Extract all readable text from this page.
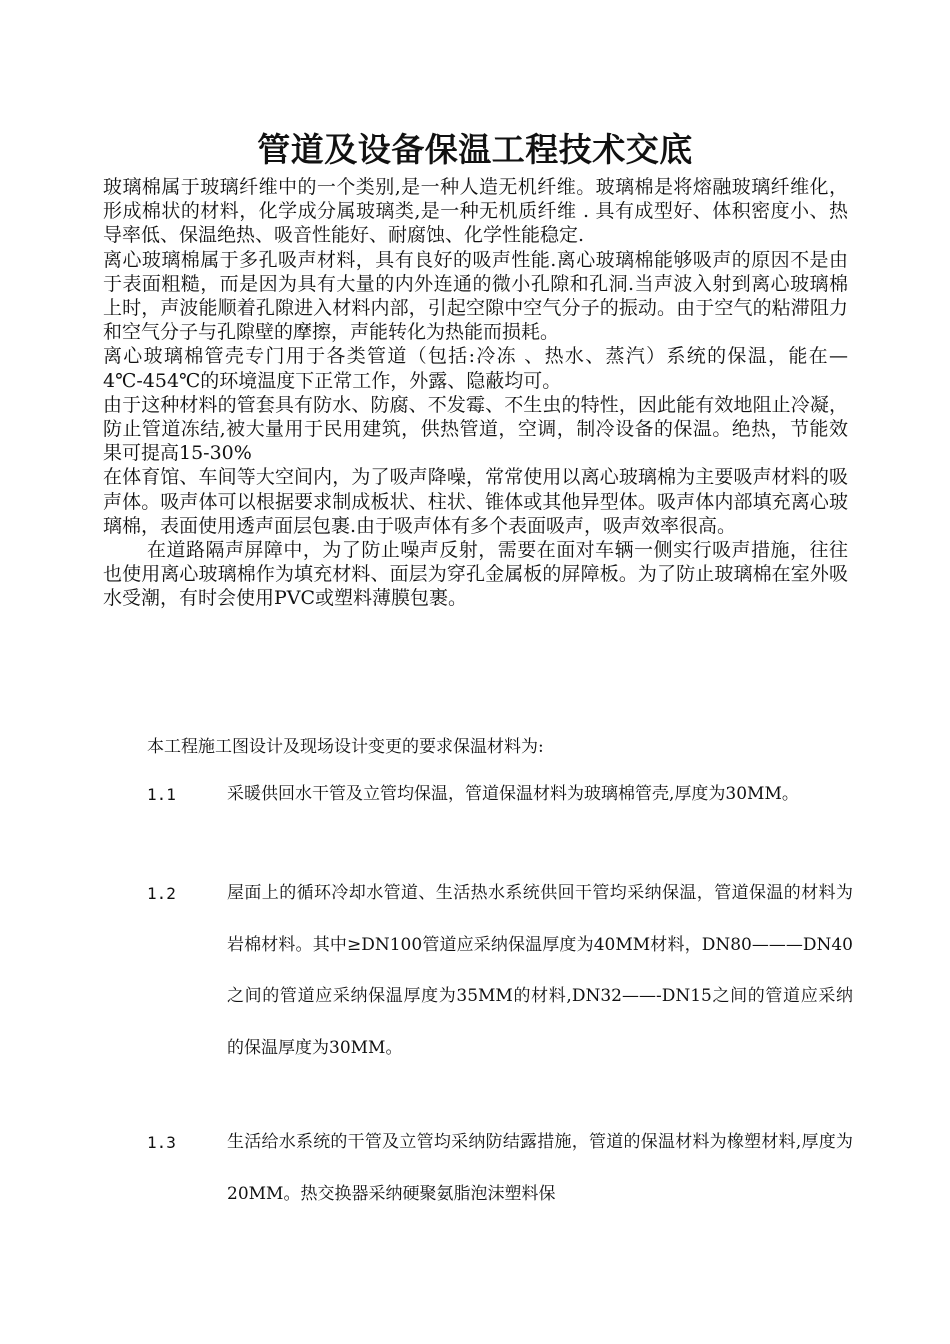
管道及设备保温工程技术交底

玻璃棉属于玻璃纤维中的一个类别,是一种人造无机纤维。玻璃棉是将熔融玻璃纤维化，形成棉状的材料，化学成分属玻璃类,是一种无机质纤维 . 具有成型好、体积密度小、热导率低、保温绝热、吸音性能好、耐腐蚀、化学性能稳定.

离心玻璃棉属于多孔吸声材料，具有良好的吸声性能.离心玻璃棉能够吸声的原因不是由于表面粗糙，而是因为具有大量的内外连通的微小孔隙和孔洞.当声波入射到离心玻璃棉上时，声波能顺着孔隙进入材料内部，引起空隙中空气分子的振动。由于空气的粘滞阻力和空气分子与孔隙壁的摩擦，声能转化为热能而损耗。

离心玻璃棉管壳专门用于各类管道（包括:冷冻 、热水、蒸汽）系统的保温，能在—4℃-454℃的环境温度下正常工作，外露、隐蔽均可。

由于这种材料的管套具有防水、防腐、不发霉、不生虫的特性，因此能有效地阻止冷凝，防止管道冻结,被大量用于民用建筑，供热管道，空调，制冷设备的保温。绝热，节能效果可提高15-30%

在体育馆、车间等大空间内，为了吸声降噪，常常使用以离心玻璃棉为主要吸声材料的吸声体。吸声体可以根据要求制成板状、柱状、锥体或其他异型体。吸声体内部填充离心玻璃棉，表面使用透声面层包裹.由于吸声体有多个表面吸声，吸声效率很高。

在道路隔声屏障中，为了防止噪声反射，需要在面对车辆一侧实行吸声措施，往往也使用离心玻璃棉作为填充材料、面层为穿孔金属板的屏障板。为了防止玻璃棉在室外吸水受潮，有时会使用PVC或塑料薄膜包裹。

本工程施工图设计及现场设计变更的要求保温材料为:

1.1	采暖供回水干管及立管均保温，管道保温材料为玻璃棉管壳,厚度为30MM。
1.2	屋面上的循环冷却水管道、生活热水系统供回干管均采纳保温，管道保温的材料为岩棉材料。其中≥DN100管道应采纳保温厚度为40MM材料，DN80———DN40之间的管道应采纳保温厚度为35MM的材料,DN32——-DN15之间的管道应采纳的保温厚度为30MM。
1.3	生活给水系统的干管及立管均采纳防结露措施，管道的保温材料为橡塑材料,厚度为20MM。热交换器采纳硬聚氨脂泡沫塑料保
